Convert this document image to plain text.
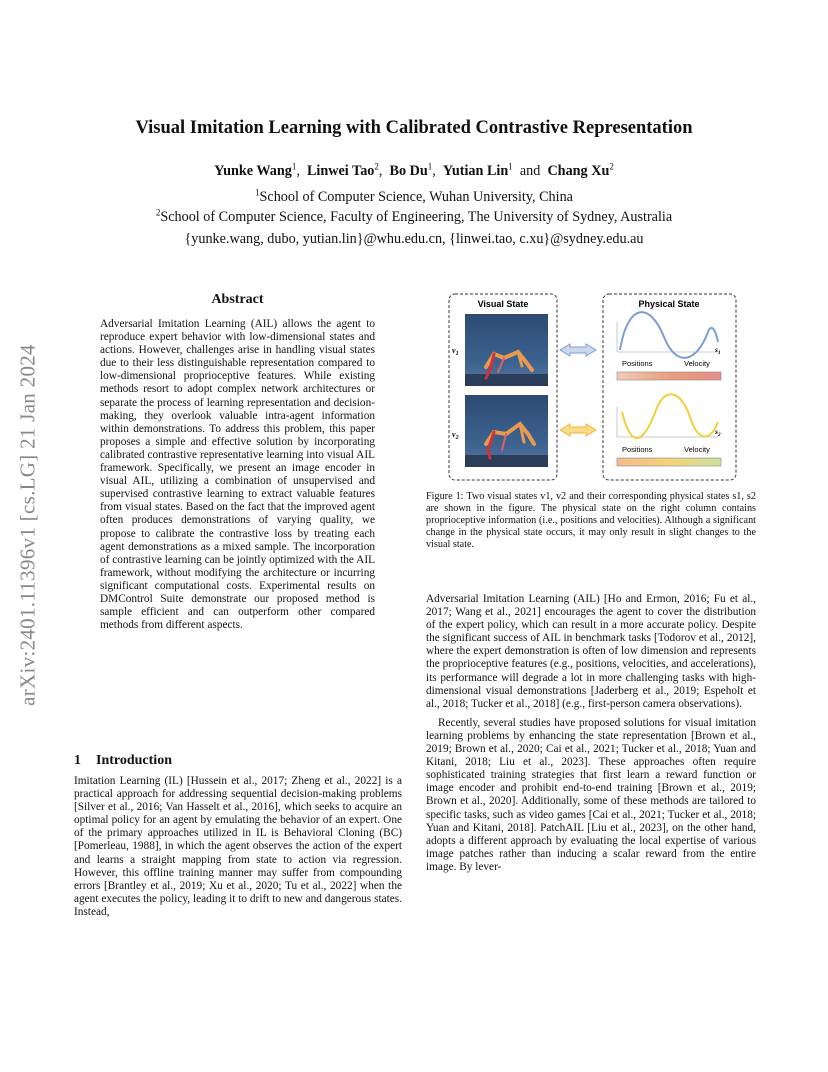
arXiv:2401.11396v1 [cs.LG] 21 Jan 2024
Visual Imitation Learning with Calibrated Contrastive Representation
Yunke Wang$^1$, Linwei Tao$^2$, Bo Du$^1$, Yutian Lin$^1$ and Chang Xu$^2$
$^1$School of Computer Science, Wuhan University, China
$^2$School of Computer Science, Faculty of Engineering, The University of Sydney, Australia
{yunke.wang, dubo, yutian.lin}@whu.edu.cn, {linwei.tao, c.xu}@sydney.edu.au
Abstract

Adversarial Imitation Learning (AIL) allows the agent to reproduce expert behavior with low-dimensional states and actions. However, challenges arise in handling visual states due to their less distinguishable representation compared to low-dimensional proprioceptive features. While existing methods resort to adopt complex network architectures or separate the process of learning representation and decision-making, they overlook valuable intra-agent information within demonstrations. To address this problem, this paper proposes a simple and effective solution by incorporating calibrated contrastive representative learning into visual AIL framework. Specifically, we present an image encoder in visual AIL, utilizing a combination of unsupervised and supervised contrastive learning to extract valuable features from visual states. Based on the fact that the improved agent often produces demonstrations of varying quality, we propose to calibrate the contrastive loss by treating each agent demonstrations as a mixed sample. The incorporation of contrastive learning can be jointly optimized with the AIL framework, without modifying the architecture or incurring significant computational costs. Experimental results on DMControl Suite demonstrate our proposed method is sample efficient and can outperform other compared methods from different aspects.

1 Introduction

Imitation Learning (IL) [Hussein et al., 2017; Zheng et al., 2022] is a practical approach for addressing sequential decision-making problems [Silver et al., 2016; Van Hasselt et al., 2016], which seeks to acquire an optimal policy for an agent by emulating the behavior of an expert. One of the primary approaches utilized in IL is Behavioral Cloning (BC) [Pomerleau, 1988], in which the agent observes the action of the expert and learns a straight mapping from state to action via regression. However, this offline training manner may suffer from compounding errors [Brantley et al., 2019; Xu et al., 2020; Tu et al., 2022] when the agent executes the policy, leading it to drift to new and dangerous states. Instead,

Visual State
$v_1$
$v_2$
Physical State
Positions	Velocity
$s_1$
Positions	Velocity
$s_2$
Figure 1: Two visual states v1, v2 and their corresponding physical states s1, s2 are shown in the figure. The physical state on the right column contains proprioceptive information (i.e., positions and velocities). Although a significant change in the physical state occurs, it may only result in slight changes to the visual state.

Adversarial Imitation Learning (AIL) [Ho and Ermon, 2016; Fu et al., 2017; Wang et al., 2021] encourages the agent to cover the distribution of the expert policy, which can result in a more accurate policy. Despite the significant success of AIL in benchmark tasks [Todorov et al., 2012], where the expert demonstration is often of low dimension and represents the proprioceptive features (e.g., positions, velocities, and accelerations), its performance will degrade a lot in more challenging tasks with high-dimensional visual demonstrations [Jaderberg et al., 2019; Espeholt et al., 2018; Tucker et al., 2018] (e.g., first-person camera observations).

Recently, several studies have proposed solutions for visual imitation learning problems by enhancing the state representation [Brown et al., 2019; Brown et al., 2020; Cai et al., 2021; Tucker et al., 2018; Yuan and Kitani, 2018; Liu et al., 2023]. These approaches often require sophisticated training strategies that first learn a reward function or image encoder and prohibit end-to-end training [Brown et al., 2019; Brown et al., 2020]. Additionally, some of these methods are tailored to specific tasks, such as video games [Cai et al., 2021; Tucker et al., 2018; Yuan and Kitani, 2018]. PatchAIL [Liu et al., 2023], on the other hand, adopts a different approach by evaluating the local expertise of various image patches rather than inducing a scalar reward from the entire image. By lever-
